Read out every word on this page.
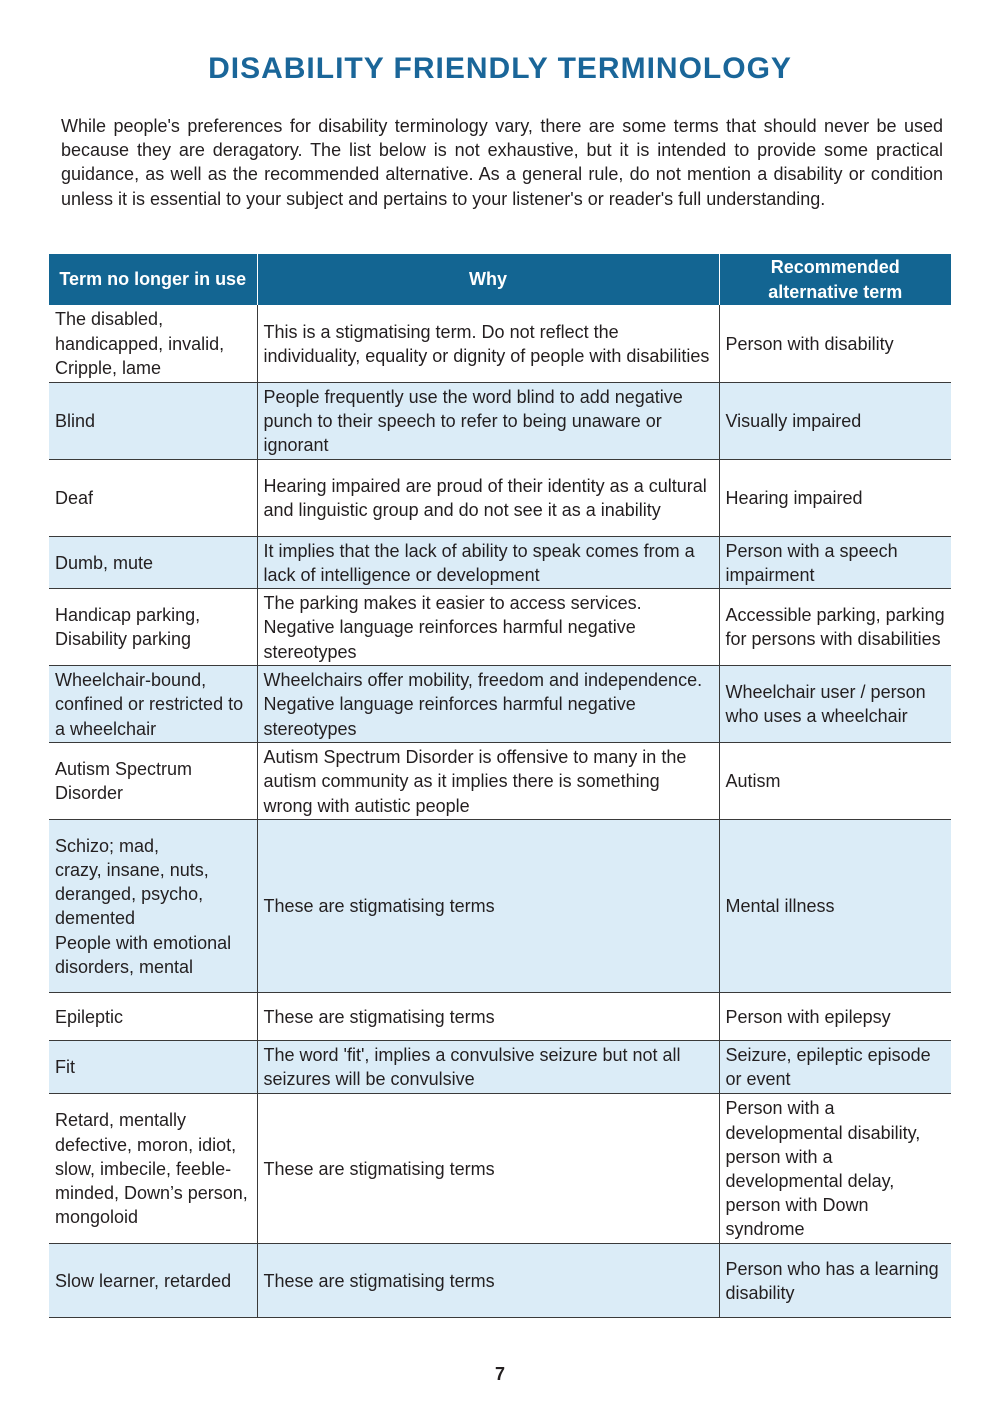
DISABILITY FRIENDLY TERMINOLOGY
While people's preferences for disability terminology vary, there are some terms that should never be used because they are deragatory. The list below is not exhaustive, but it is intended to provide some practical guidance, as well as the recommended alternative. As a general rule, do not mention a disability or condition unless it is essential to your subject and pertains to your listener's or reader's full understanding.
Term no longer in use	Why	Recommended alternative term
The disabled, handicapped, invalid, Cripple, lame	This is a stigmatising term. Do not reflect the individuality, equality or dignity of people with disabilities	Person with disability
Blind	People frequently use the word blind to add negative punch to their speech to refer to being unaware or ignorant	Visually impaired
Deaf	Hearing impaired are proud of their identity as a cultural and linguistic group and do not see it as a inability	Hearing impaired
Dumb, mute	It implies that the lack of ability to speak comes from a lack of intelligence or development	Person with a speech impairment
Handicap parking, Disability parking	The parking makes it easier to access services. Negative language reinforces harmful negative stereotypes	Accessible parking, parking for persons with disabilities
Wheelchair-bound, confined or restricted to a wheelchair	Wheelchairs offer mobility, freedom and independence. Negative language reinforces harmful negative stereotypes	Wheelchair user / person who uses a wheelchair
Autism Spectrum Disorder	Autism Spectrum Disorder is offensive to many in the autism community as it implies there is something wrong with autistic people	Autism
Schizo; mad,
crazy, insane, nuts, deranged, psycho, demented
People with emotional disorders, mental	These are stigmatising terms	Mental illness
Epileptic	These are stigmatising terms	Person with epilepsy
Fit	The word 'fit', implies a convulsive seizure but not all seizures will be convulsive	Seizure, epileptic episode or event
Retard, mentally defective, moron, idiot, slow, imbecile, feeble-minded, Down’s person, mongoloid	These are stigmatising terms	Person with a developmental disability, person with a developmental delay, person with Down syndrome
Slow learner, retarded	These are stigmatising terms	Person who has a learning disability
7
